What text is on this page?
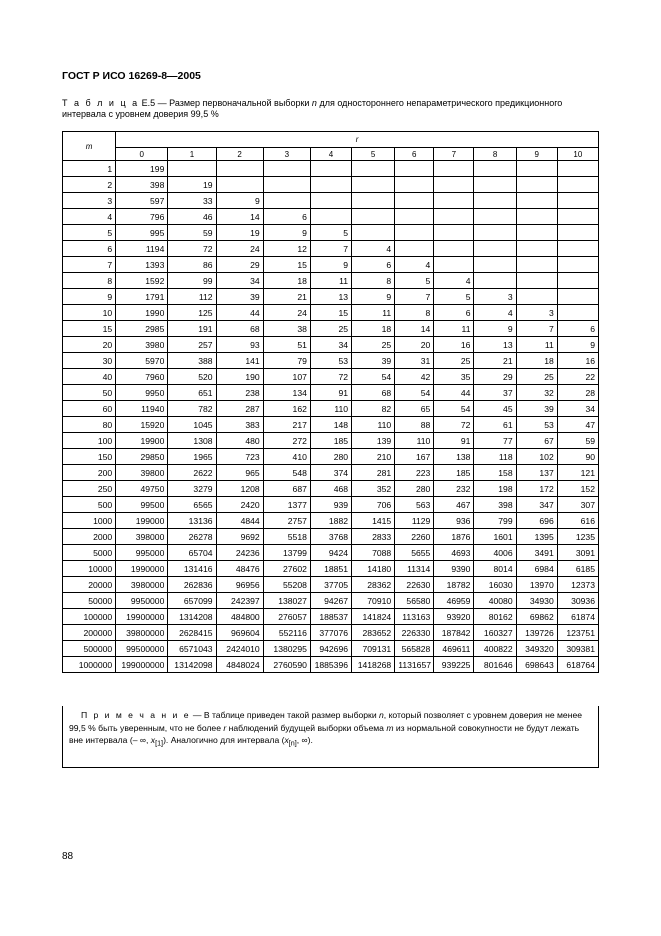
ГОСТ Р ИСО 16269-8—2005
Т а б л и ц а Е.5 — Размер первоначальной выборки n для одностороннего непараметрического предикционного интервала с уровнем доверия 99,5 %
m	r										
	0	1	2	3	4	5	6	7	8	9	10
1	199										
2	398	19									
3	597	33	9								
4	796	46	14	6							
5	995	59	19	9	5						
6	1194	72	24	12	7	4					
7	1393	86	29	15	9	6	4				
8	1592	99	34	18	11	8	5	4			
9	1791	112	39	21	13	9	7	5	3		
10	1990	125	44	24	15	11	8	6	4	3	
15	2985	191	68	38	25	18	14	11	9	7	6
20	3980	257	93	51	34	25	20	16	13	11	9
30	5970	388	141	79	53	39	31	25	21	18	16
40	7960	520	190	107	72	54	42	35	29	25	22
50	9950	651	238	134	91	68	54	44	37	32	28
60	11940	782	287	162	110	82	65	54	45	39	34
80	15920	1045	383	217	148	110	88	72	61	53	47
100	19900	1308	480	272	185	139	110	91	77	67	59
150	29850	1965	723	410	280	210	167	138	118	102	90
200	39800	2622	965	548	374	281	223	185	158	137	121
250	49750	3279	1208	687	468	352	280	232	198	172	152
500	99500	6565	2420	1377	939	706	563	467	398	347	307
1000	199000	13136	4844	2757	1882	1415	1129	936	799	696	616
2000	398000	26278	9692	5518	3768	2833	2260	1876	1601	1395	1235
5000	995000	65704	24236	13799	9424	7088	5655	4693	4006	3491	3091
10000	1990000	131416	48476	27602	18851	14180	11314	9390	8014	6984	6185
20000	3980000	262836	96956	55208	37705	28362	22630	18782	16030	13970	12373
50000	9950000	657099	242397	138027	94267	70910	56580	46959	40080	34930	30936
100000	19900000	1314208	484800	276057	188537	141824	113163	93920	80162	69862	61874
200000	39800000	2628415	969604	552116	377076	283652	226330	187842	160327	139726	123751
500000	99500000	6571043	2424010	1380295	942696	709131	565828	469611	400822	349320	309381
1000000	199000000	13142098	4848024	2760590	1885396	1418268	1131657	939225	801646	698643	618764
П р и м е ч а н и е — В таблице приведен такой размер выборки n, который позволяет с уровнем доверия не менее 99,5 % быть уверенным, что не более r наблюдений будущей выборки объема m из нормальной совокупности не будут лежать вне интервала (– ∞, $x_{[1]}$). Аналогично для интервала ($x_{[n]}$, ∞).
88
